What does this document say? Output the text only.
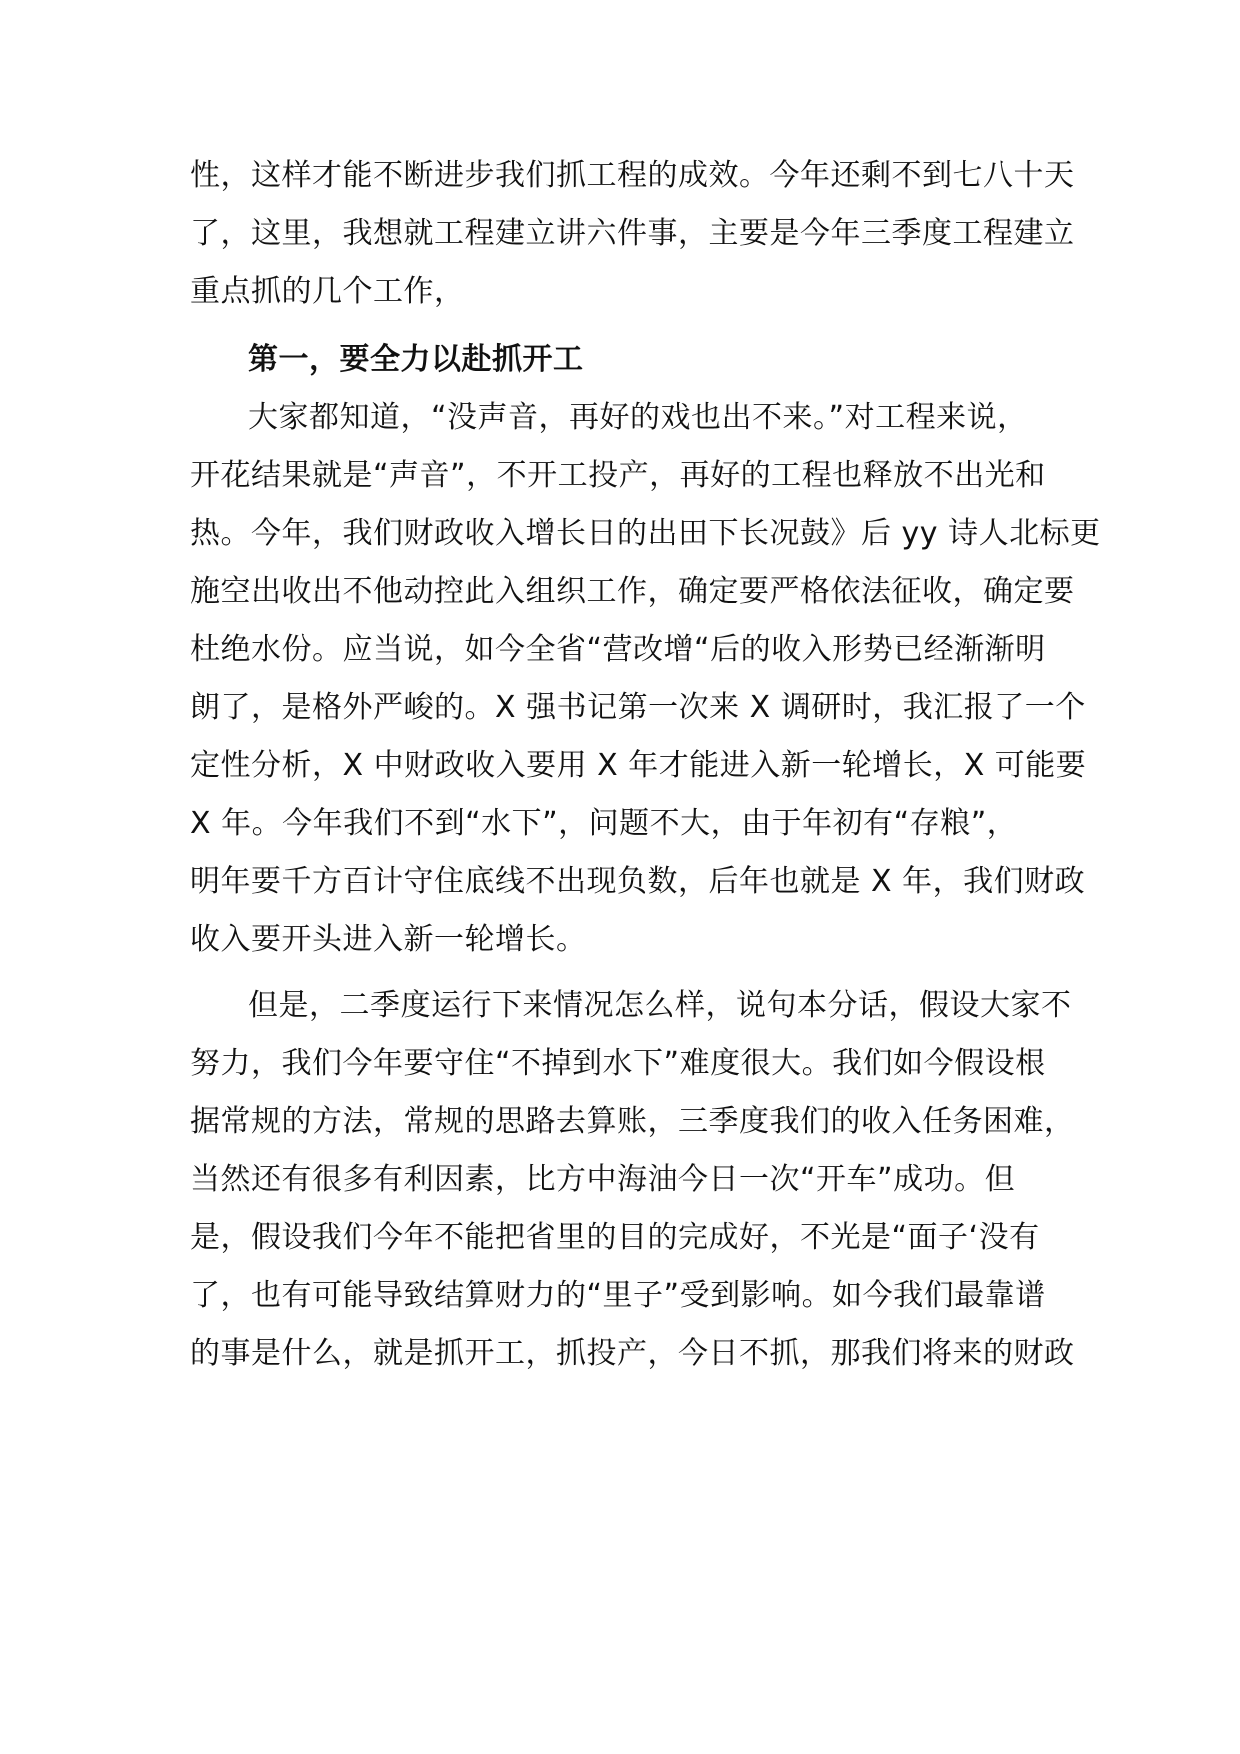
性，这样才能不断进步我们抓工程的成效。今年还剩不到七八十天
了，这里，我想就工程建立讲六件事，主要是今年三季度工程建立
重点抓的几个工作，
第一，要全力以赴抓开工
大家都知道，“没声音，再好的戏也出不来。”对工程来说，
开花结果就是“声音”，不开工投产，再好的工程也释放不出光和
热。今年，我们财政收入增长日的出田下长况鼓》后 yy 诗人北标更
施空出收出不他动控此入组织工作，确定要严格依法征收，确定要
杜绝水份。应当说，如今全省“营改增“后的收入形势已经渐渐明
朗了，是格外严峻的。X 强书记第一次来 X 调研时，我汇报了一个
定性分析，X 中财政收入要用 X 年才能进入新一轮增长，X 可能要
X 年。今年我们不到“水下”，问题不大，由于年初有“存粮”，
明年要千方百计守住底线不出现负数，后年也就是 X 年，我们财政
收入要开头进入新一轮增长。
但是，二季度运行下来情况怎么样，说句本分话，假设大家不
努力，我们今年要守住“不掉到水下”难度很大。我们如今假设根
据常规的方法，常规的思路去算账，三季度我们的收入任务困难，
当然还有很多有利因素，比方中海油今日一次“开车”成功。但
是，假设我们今年不能把省里的目的完成好，不光是“面子‘没有
了，也有可能导致结算财力的“里子”受到影响。如今我们最靠谱
的事是什么，就是抓开工，抓投产，今日不抓，那我们将来的财政
